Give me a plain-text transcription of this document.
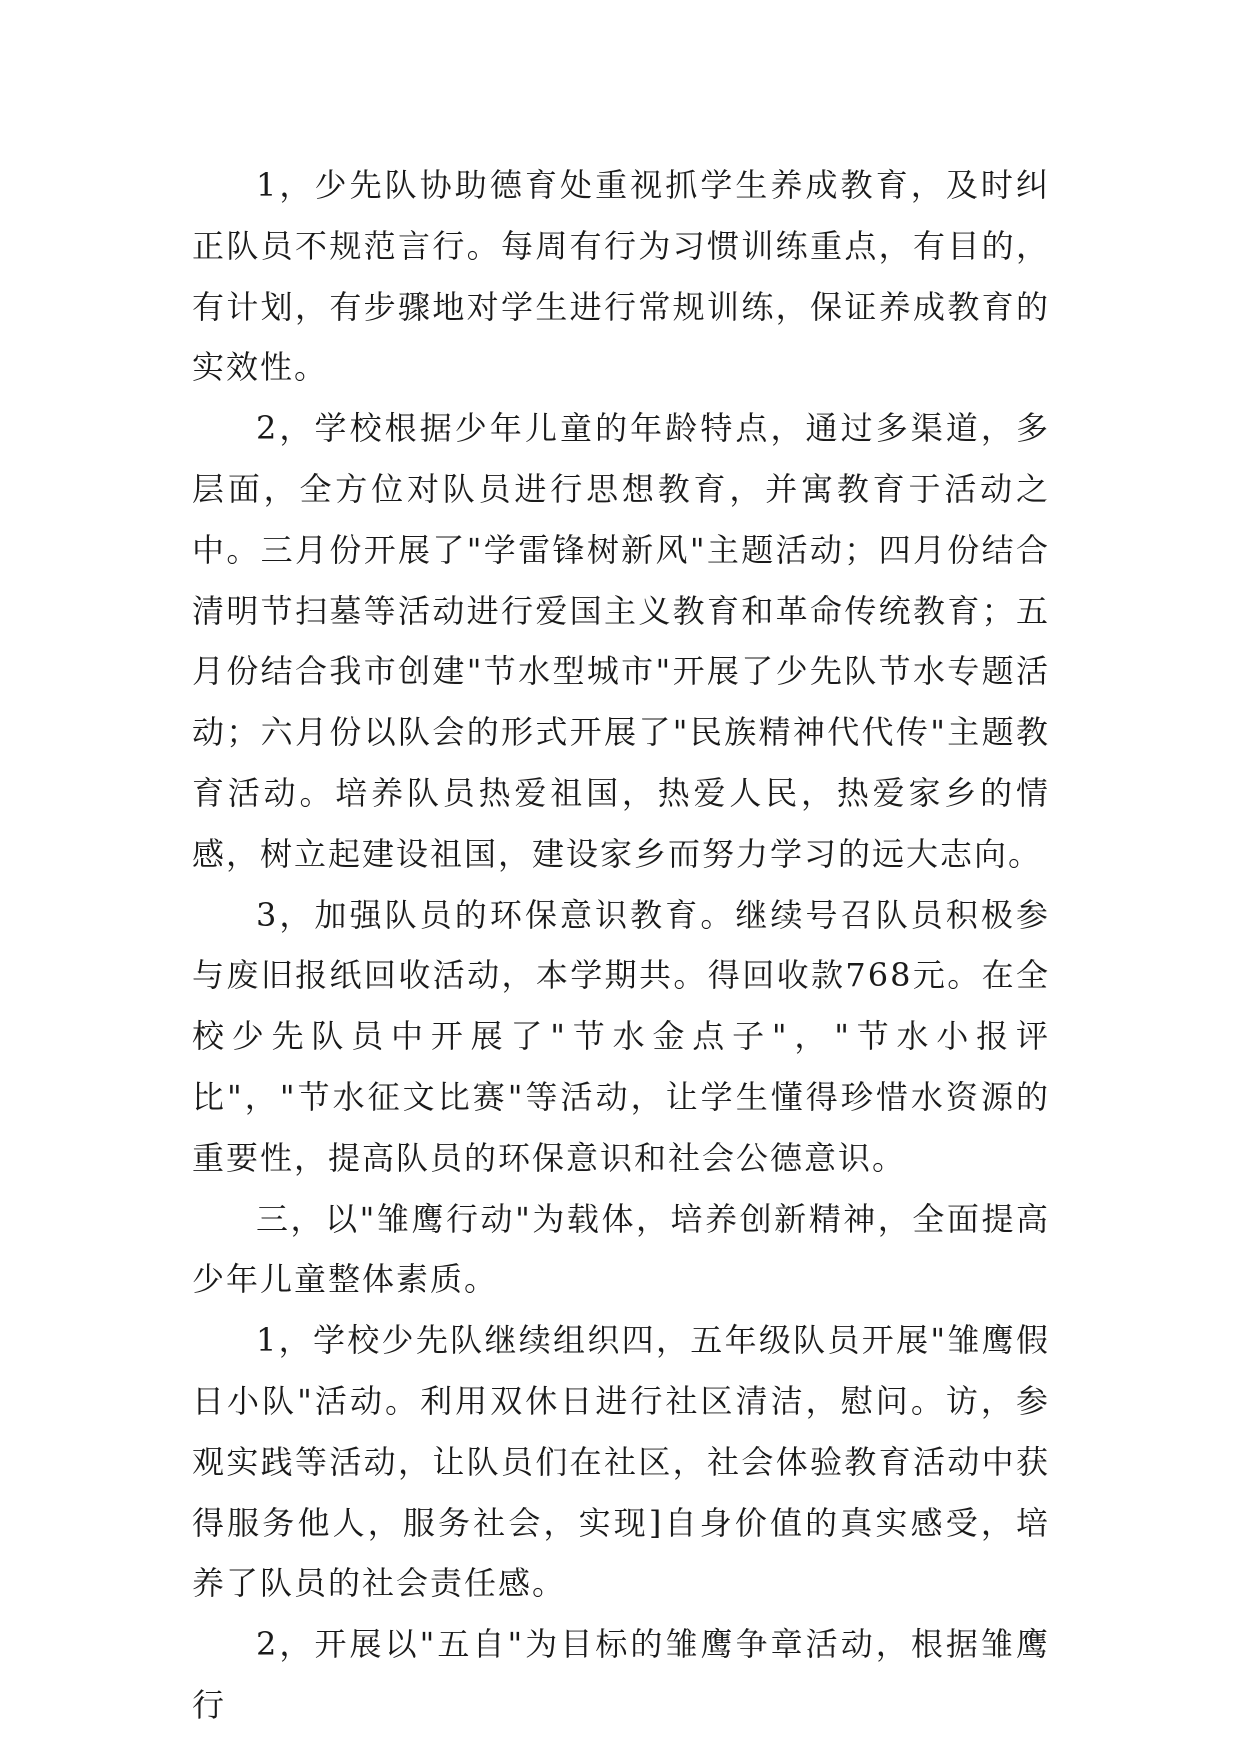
1，少先队协助德育处重视抓学生养成教育，及时纠正队员不规范言行。每周有行为习惯训练重点，有目的，有计划，有步骤地对学生进行常规训练，保证养成教育的实效性。

2，学校根据少年儿童的年龄特点，通过多渠道，多层面，全方位对队员进行思想教育，并寓教育于活动之中。三月份开展了"学雷锋树新风"主题活动；四月份结合清明节扫墓等活动进行爱国主义教育和革命传统教育；五月份结合我市创建"节水型城市"开展了少先队节水专题活动；六月份以队会的形式开展了"民族精神代代传"主题教育活动。培养队员热爱祖国，热爱人民，热爱家乡的情感，树立起建设祖国，建设家乡而努力学习的远大志向。

3，加强队员的环保意识教育。继续号召队员积极参与废旧报纸回收活动，本学期共。得回收款768元。在全校少先队员中开展了"节水金点子"，"节水小报评比"，"节水征文比赛"等活动，让学生懂得珍惜水资源的重要性，提高队员的环保意识和社会公德意识。

三，以"雏鹰行动"为载体，培养创新精神，全面提高少年儿童整体素质。

1，学校少先队继续组织四，五年级队员开展"雏鹰假日小队"活动。利用双休日进行社区清洁，慰问。访，参观实践等活动，让队员们在社区，社会体验教育活动中获得服务他人，服务社会，实现]自身价值的真实感受，培养了队员的社会责任感。

2，开展以"五自"为目标的雏鹰争章活动，根据雏鹰行
